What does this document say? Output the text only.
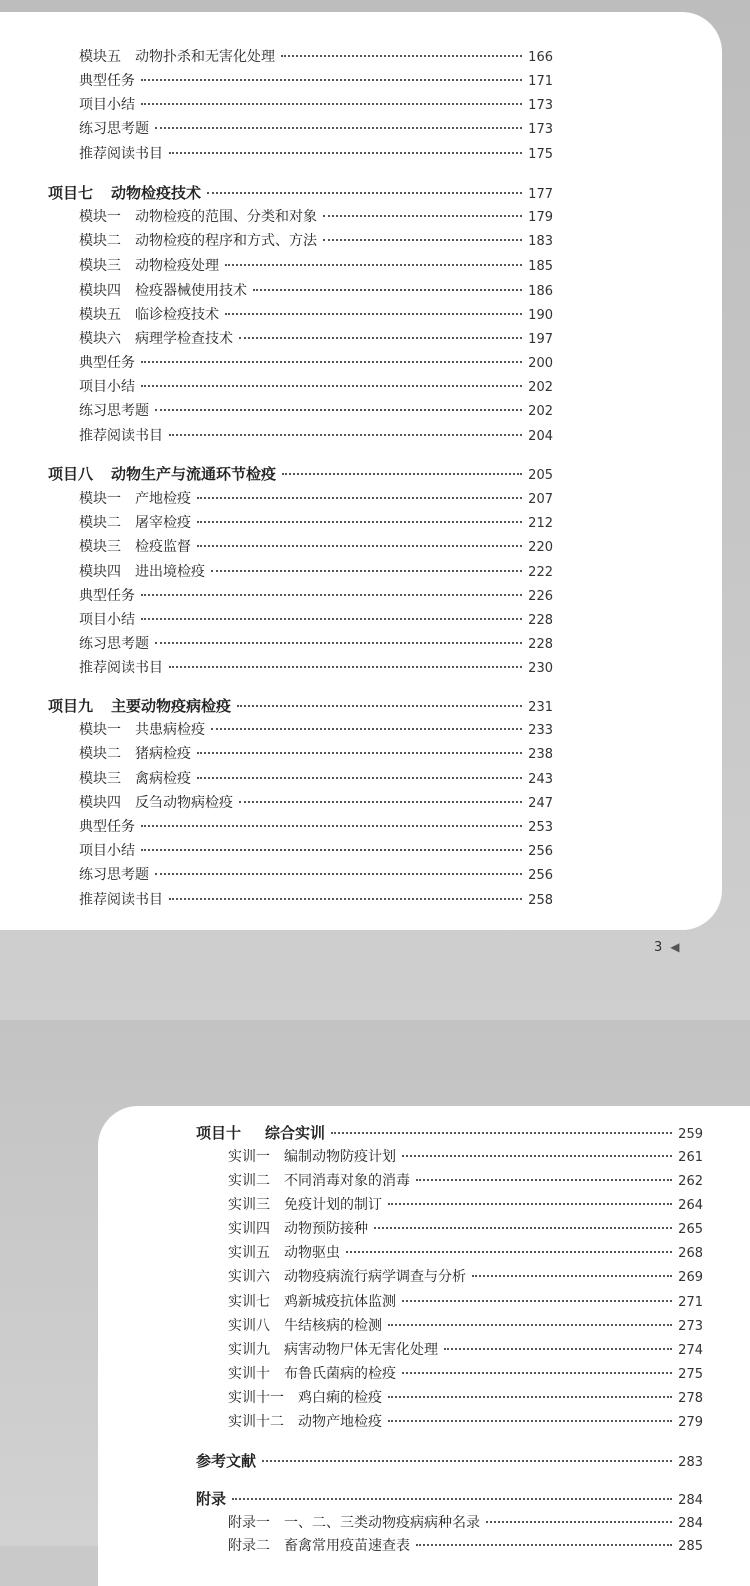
3 ◀
模块五 动物扑杀和无害化处理	166
典型任务	171
项目小结	173
练习思考题	173
推荐阅读书目	175
项目七 动物检疫技术	177
模块一 动物检疫的范围、分类和对象	179
模块二 动物检疫的程序和方式、方法	183
模块三 动物检疫处理	185
模块四 检疫器械使用技术	186
模块五 临诊检疫技术	190
模块六 病理学检查技术	197
典型任务	200
项目小结	202
练习思考题	202
推荐阅读书目	204
项目八 动物生产与流通环节检疫	205
模块一 产地检疫	207
模块二 屠宰检疫	212
模块三 检疫监督	220
模块四 进出境检疫	222
典型任务	226
项目小结	228
练习思考题	228
推荐阅读书目	230
项目九 主要动物疫病检疫	231
模块一 共患病检疫	233
模块二 猪病检疫	238
模块三 禽病检疫	243
模块四 反刍动物病检疫	247
典型任务	253
项目小结	256
练习思考题	256
推荐阅读书目	258
项目十 综合实训	259
实训一 编制动物防疫计划	261
实训二 不同消毒对象的消毒	262
实训三 免疫计划的制订	264
实训四 动物预防接种	265
实训五 动物驱虫	268
实训六 动物疫病流行病学调查与分析	269
实训七 鸡新城疫抗体监测	271
实训八 牛结核病的检测	273
实训九 病害动物尸体无害化处理	274
实训十 布鲁氏菌病的检疫	275
实训十一 鸡白痢的检疫	278
实训十二 动物产地检疫	279
参考文献	283
附录	284
附录一 一、二、三类动物疫病病种名录	284
附录二 畜禽常用疫苗速查表	285
